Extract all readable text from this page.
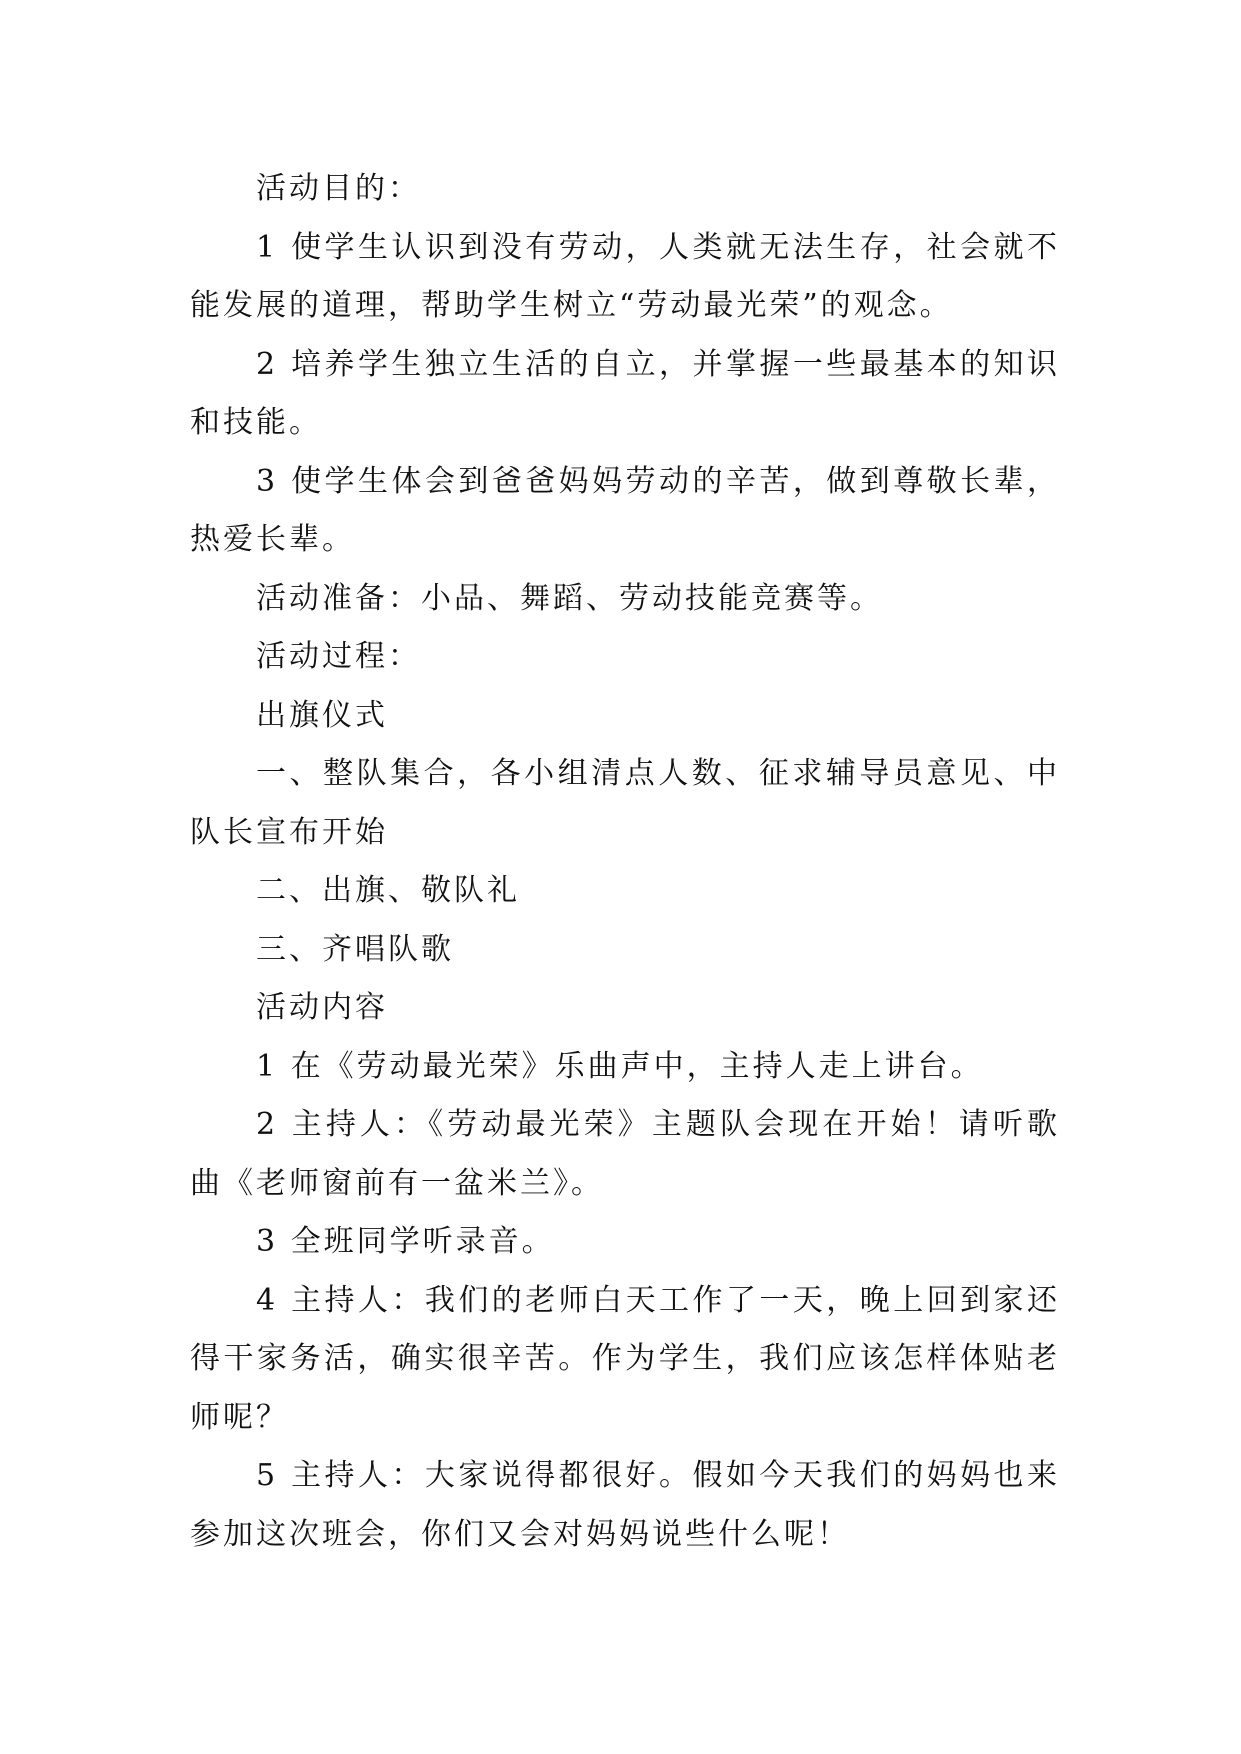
活动目的：

1 使学生认识到没有劳动，人类就无法生存，社会就不能发展的道理，帮助学生树立“劳动最光荣”的观念。

2 培养学生独立生活的自立，并掌握一些最基本的知识和技能。

3 使学生体会到爸爸妈妈劳动的辛苦，做到尊敬长辈，热爱长辈。

活动准备：小品、舞蹈、劳动技能竞赛等。

活动过程：

出旗仪式

一、整队集合，各小组清点人数、征求辅导员意见、中队长宣布开始

二、出旗、敬队礼

三、齐唱队歌

活动内容

1 在《劳动最光荣》乐曲声中，主持人走上讲台。

2 主持人：《劳动最光荣》主题队会现在开始！请听歌曲《老师窗前有一盆米兰》。

3 全班同学听录音。

4 主持人：我们的老师白天工作了一天，晚上回到家还得干家务活，确实很辛苦。作为学生，我们应该怎样体贴老师呢？

5 主持人：大家说得都很好。假如今天我们的妈妈也来参加这次班会，你们又会对妈妈说些什么呢！
